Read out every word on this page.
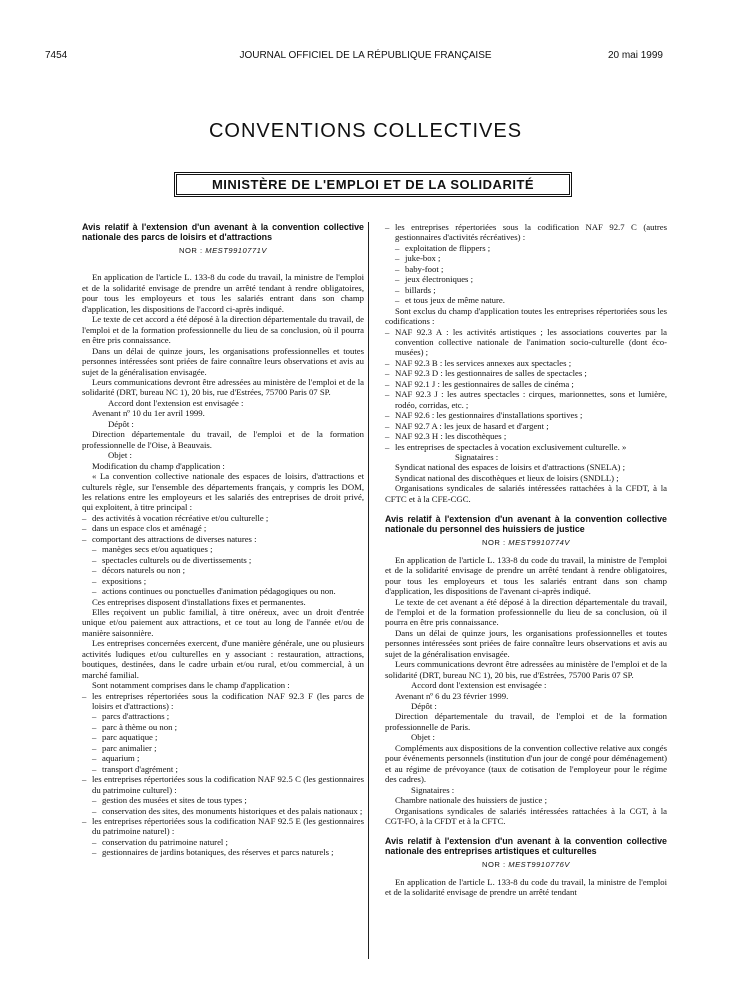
7454	JOURNAL OFFICIEL DE LA RÉPUBLIQUE FRANÇAISE	20 mai 1999
CONVENTIONS COLLECTIVES
MINISTÈRE DE L'EMPLOI ET DE LA SOLIDARITÉ

Avis relatif à l'extension d'un avenant à la convention collective nationale des parcs de loisirs et d'attractions

NOR : MEST9910771V

En application de l'article L. 133-8 du code du travail, la ministre de l'emploi et de la solidarité envisage de prendre un arrêté tendant à rendre obligatoires, pour tous les employeurs et tous les salariés entrant dans son champ d'application, les dispositions de l'accord ci-après indiqué.

Le texte de cet accord a été déposé à la direction départementale du travail, de l'emploi et de la formation professionnelle du lieu de sa conclusion, où il pourra en être pris connaissance.

Dans un délai de quinze jours, les organisations professionnelles et toutes personnes intéressées sont priées de faire connaître leurs observations et avis au sujet de la généralisation envisagée.

Leurs communications devront être adressées au ministère de l'emploi et de la solidarité (DRT, bureau NC 1), 20 bis, rue d'Estrées, 75700 Paris 07 SP.

Accord dont l'extension est envisagée :

Avenant nº 10 du 1er avril 1999.

Dépôt :

Direction départementale du travail, de l'emploi et de la formation professionnelle de l'Oise, à Beauvais.

Objet :

Modification du champ d'application :

« La convention collective nationale des espaces de loisirs, d'attractions et culturels règle, sur l'ensemble des départements français, y compris les DOM, les relations entre les employeurs et les salariés des entreprises de droit privé, qui exploitent, à titre principal :

– des activités à vocation récréative et/ou culturelle ;
– dans un espace clos et aménagé ;
– comportant des attractions de diverses natures :
– manèges secs et/ou aquatiques ;
– spectacles culturels ou de divertissements ;
– décors naturels ou non ;
– expositions ;
– actions continues ou ponctuelles d'animation pédagogiques ou non.

Ces entreprises disposent d'installations fixes et permanentes.

Elles reçoivent un public familial, à titre onéreux, avec un droit d'entrée unique et/ou paiement aux attractions, et ce tout au long de l'année et/ou de manière saisonnière.

Les entreprises concernées exercent, d'une manière générale, une ou plusieurs activités ludiques et/ou culturelles en y associant : restauration, attractions, boutiques, destinées, dans le cadre urbain et/ou rural, et/ou commercial, à un marché familial.

Sont notamment comprises dans le champ d'application :

– les entreprises répertoriées sous la codification NAF 92.3 F (les parcs de loisirs et d'attractions) :
– parcs d'attractions ;
– parc à thème ou non ;
– parc aquatique ;
– parc animalier ;
– aquarium ;
– transport d'agrément ;
– les entreprises répertoriées sous la codification NAF 92.5 C (les gestionnaires du patrimoine culturel) :
– gestion des musées et sites de tous types ;
– conservation des sites, des monuments historiques et des palais nationaux ;
– les entreprises répertoriées sous la codification NAF 92.5 E (les gestionnaires du patrimoine naturel) :
– conservation du patrimoine naturel ;
– gestionnaires de jardins botaniques, des réserves et parcs naturels ;
– les entreprises répertoriées sous la codification NAF 92.7 C (autres gestionnaires d'activités récréatives) :
– exploitation de flippers ;
– juke-box ;
– baby-foot ;
– jeux électroniques ;
– billards ;
– et tous jeux de même nature.

Sont exclus du champ d'application toutes les entreprises répertoriées sous les codifications :

– NAF 92.3 A : les activités artistiques ; les associations couvertes par la convention collective nationale de l'animation socio-culturelle (dont éco-musées) ;
– NAF 92.3 B : les services annexes aux spectacles ;
– NAF 92.3 D : les gestionnaires de salles de spectacles ;
– NAF 92.1 J : les gestionnaires de salles de cinéma ;
– NAF 92.3 J : les autres spectacles : cirques, marionnettes, sons et lumière, rodéo, corridas, etc. ;
– NAF 92.6 : les gestionnaires d'installations sportives ;
– NAF 92.7 A : les jeux de hasard et d'argent ;
– NAF 92.3 H : les discothèques ;
– les entreprises de spectacles à vocation exclusivement culturelle. »

Signataires :

Syndicat national des espaces de loisirs et d'attractions (SNELA) ;

Syndicat national des discothèques et lieux de loisirs (SNDLL) ;

Organisations syndicales de salariés intéressées rattachées à la CFDT, à la CFTC et à la CFE-CGC.

Avis relatif à l'extension d'un avenant à la convention collective nationale du personnel des huissiers de justice

NOR : MEST9910774V

En application de l'article L. 133-8 du code du travail, la ministre de l'emploi et de la solidarité envisage de prendre un arrêté tendant à rendre obligatoires, pour tous les employeurs et tous les salariés entrant dans son champ d'application, les dispositions de l'avenant ci-après indiqué.

Le texte de cet avenant a été déposé à la direction départementale du travail, de l'emploi et de la formation professionnelle du lieu de sa conclusion, où il pourra en être pris connaissance.

Dans un délai de quinze jours, les organisations professionnelles et toutes personnes intéressées sont priées de faire connaître leurs observations et avis au sujet de la généralisation envisagée.

Leurs communications devront être adressées au ministère de l'emploi et de la solidarité (DRT, bureau NC 1), 20 bis, rue d'Estrées, 75700 Paris 07 SP.

Accord dont l'extension est envisagée :

Avenant nº 6 du 23 février 1999.

Dépôt :

Direction départementale du travail, de l'emploi et de la formation professionnelle de Paris.

Objet :

Compléments aux dispositions de la convention collective relative aux congés pour événements personnels (institution d'un jour de congé pour déménagement) et au régime de prévoyance (taux de cotisation de l'employeur pour le régime des cadres).

Signataires :

Chambre nationale des huissiers de justice ;

Organisations syndicales de salariés intéressées rattachées à la CGT, à la CGT-FO, à la CFDT et à la CFTC.

Avis relatif à l'extension d'un avenant à la convention collective nationale des entreprises artistiques et culturelles

NOR : MEST9910776V

En application de l'article L. 133-8 du code du travail, la ministre de l'emploi et de la solidarité envisage de prendre un arrêté tendant
